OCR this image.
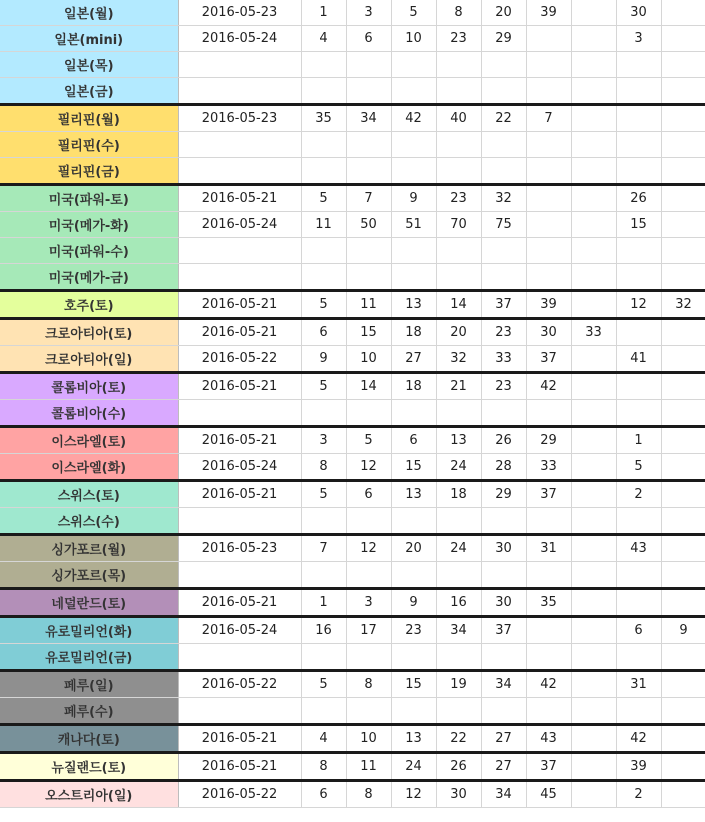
일본(월)	2016-05-23	1	3	5	8	20	39		30	
일본(mini)	2016-05-24	4	6	10	23	29			3	
일본(목)										
일본(금)										
필리핀(월)	2016-05-23	35	34	42	40	22	7			
필리핀(수)										
필리핀(금)										
미국(파워-토)	2016-05-21	5	7	9	23	32			26	
미국(메가-화)	2016-05-24	11	50	51	70	75			15	
미국(파워-수)										
미국(메가-금)										
호주(토)	2016-05-21	5	11	13	14	37	39		12	32
크로아티아(토)	2016-05-21	6	15	18	20	23	30	33		
크로아티아(일)	2016-05-22	9	10	27	32	33	37		41	
콜롬비아(토)	2016-05-21	5	14	18	21	23	42			
콜롬비아(수)										
이스라엘(토)	2016-05-21	3	5	6	13	26	29		1	
이스라엘(화)	2016-05-24	8	12	15	24	28	33		5	
스위스(토)	2016-05-21	5	6	13	18	29	37		2	
스위스(수)										
싱가포르(월)	2016-05-23	7	12	20	24	30	31		43	
싱가포르(목)										
네덜란드(토)	2016-05-21	1	3	9	16	30	35			
유로밀리언(화)	2016-05-24	16	17	23	34	37			6	9
유로밀리언(금)										
페루(일)	2016-05-22	5	8	15	19	34	42		31	
페루(수)										
캐나다(토)	2016-05-21	4	10	13	22	27	43		42	
뉴질랜드(토)	2016-05-21	8	11	24	26	27	37		39	
오스트리아(일)	2016-05-22	6	8	12	30	34	45		2	
